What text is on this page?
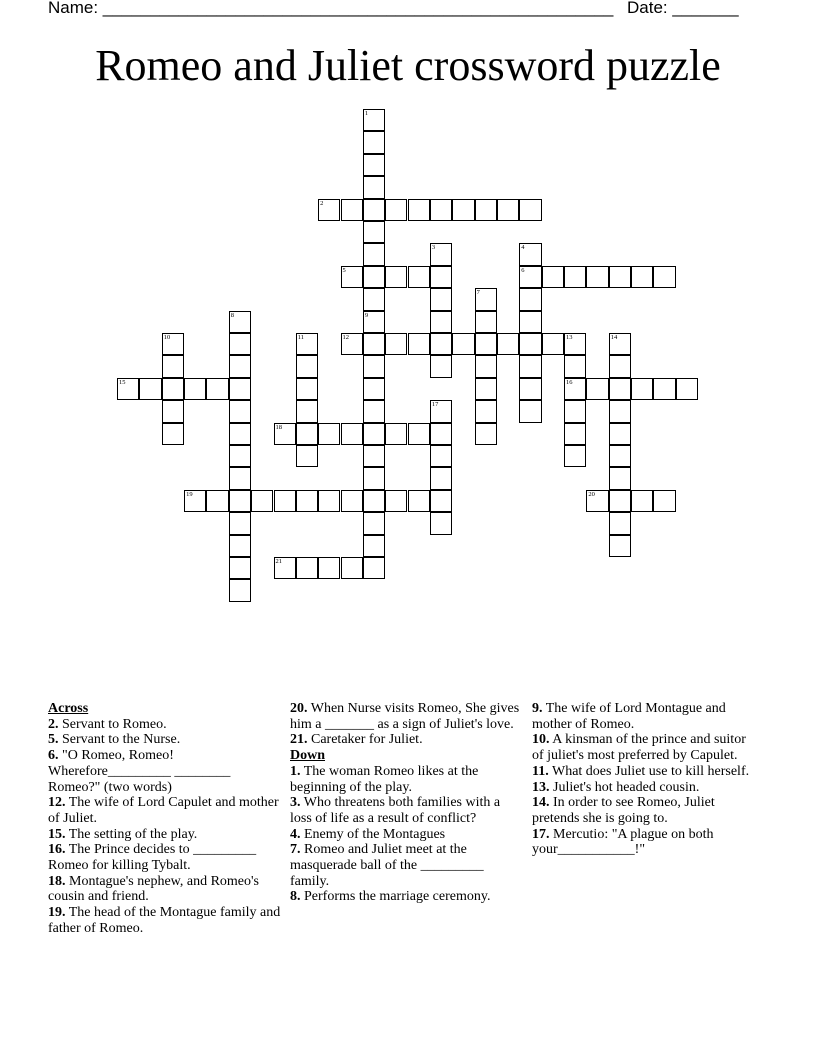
Name: ______________________________________________________ Date: _______
Romeo and Juliet crossword puzzle
1
9
2
3	4
6
5
7
8
10	11	12	13
16
14
15
17
18
19	20
21
Across

2. Servant to Romeo.

5. Servant to the Nurse.

6. "O Romeo, Romeo! Wherefore_________ ________ Romeo?" (two words)

12. The wife of Lord Capulet and mother of Juliet.

15. The setting of the play.

16. The Prince decides to _________ Romeo for killing Tybalt.

18. Montague's nephew, and Romeo's cousin and friend.

19. The head of the Montague family and father of Romeo.

20. When Nurse visits Romeo, She gives him a _______ as a sign of Juliet's love.

21. Caretaker for Juliet.

Down

1. The woman Romeo likes at the beginning of the play.

3. Who threatens both families with a loss of life as a result of conflict?

4. Enemy of the Montagues

7. Romeo and Juliet meet at the masquerade ball of the _________ family.

8. Performs the marriage ceremony.

9. The wife of Lord Montague and mother of Romeo.

10. A kinsman of the prince and suitor of juliet's most preferred by Capulet.

11. What does Juliet use to kill herself.

13. Juliet's hot headed cousin.

14. In order to see Romeo, Juliet pretends she is going to.

17. Mercutio: "A plague on both your___________!"
